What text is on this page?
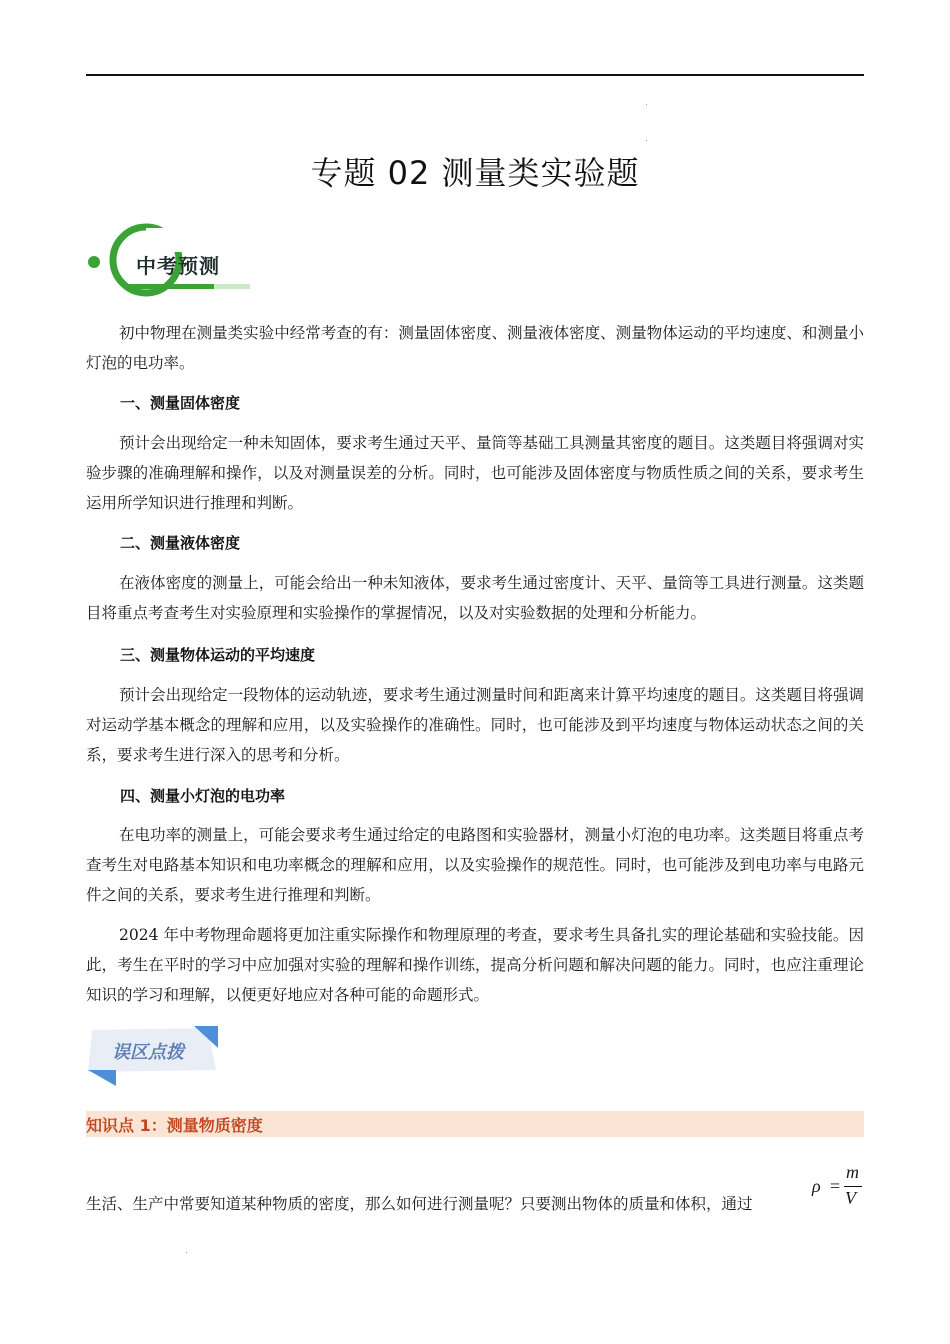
专题 02 测量类实验题
中考预测

初中物理在测量类实验中经常考查的有：测量固体密度、测量液体密度、测量物体运动的平均速度、和测量小灯泡的电功率。

一、测量固体密度

预计会出现给定一种未知固体，要求考生通过天平、量筒等基础工具测量其密度的题目。这类题目将强调对实验步骤的准确理解和操作，以及对测量误差的分析。同时，也可能涉及固体密度与物质性质之间的关系，要求考生运用所学知识进行推理和判断。

二、测量液体密度

在液体密度的测量上，可能会给出一种未知液体，要求考生通过密度计、天平、量筒等工具进行测量。这类题目将重点考查考生对实验原理和实验操作的掌握情况，以及对实验数据的处理和分析能力。

三、测量物体运动的平均速度

预计会出现给定一段物体的运动轨迹，要求考生通过测量时间和距离来计算平均速度的题目。这类题目将强调对运动学基本概念的理解和应用，以及实验操作的准确性。同时，也可能涉及到平均速度与物体运动状态之间的关系，要求考生进行深入的思考和分析。

四、测量小灯泡的电功率

在电功率的测量上，可能会要求考生通过给定的电路图和实验器材，测量小灯泡的电功率。这类题目将重点考查考生对电路基本知识和电功率概念的理解和应用，以及实验操作的规范性。同时，也可能涉及到电功率与电路元件之间的关系，要求考生进行推理和判断。

2024 年中考物理命题将更加注重实际操作和物理原理的考查，要求考生具备扎实的理论基础和实验技能。因此，考生在平时的学习中应加强对实验的理解和操作训练，提高分析问题和解决问题的能力。同时，也应注重理论知识的学习和理解，以便更好地应对各种可能的命题形式。

误区点拨
知识点 1：测量物质密度
生活、生产中常要知道某种物质的密度，那么如何进行测量呢？只要测出物体的质量和体积，通过
ρ =
m
V
